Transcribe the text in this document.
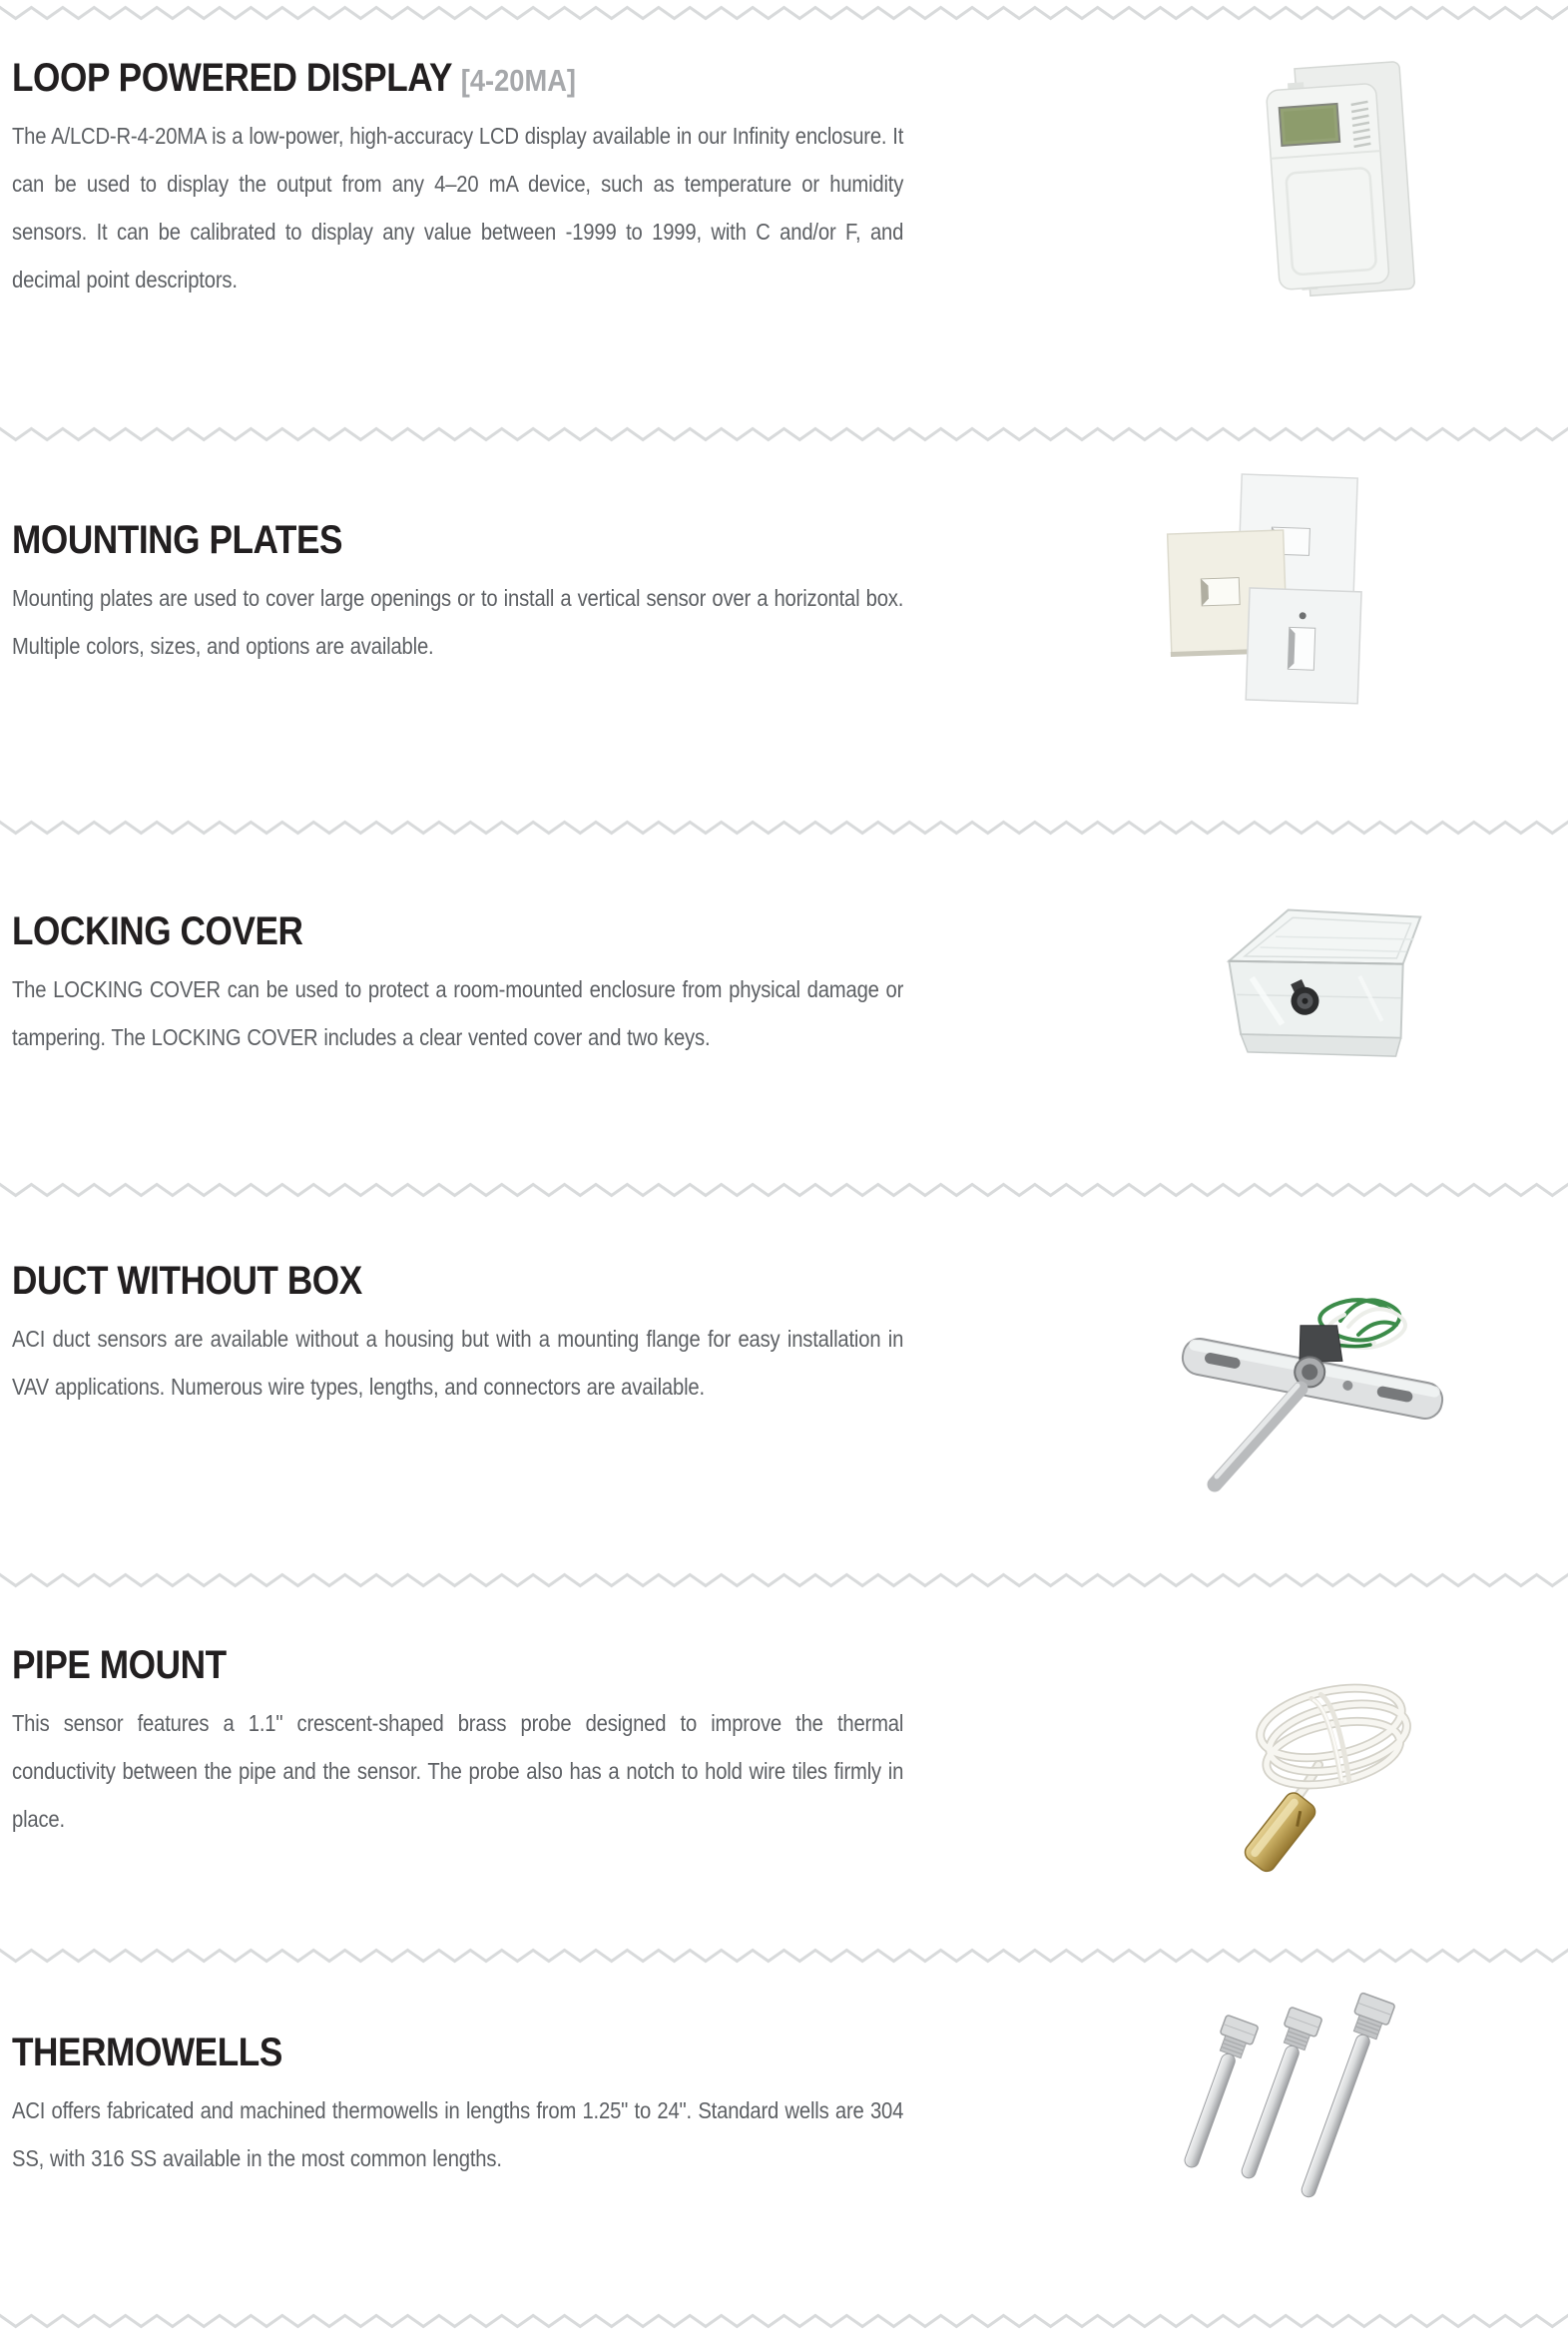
LOOP POWERED DISPLAY [4-20MA]

The A/LCD-R-4-20MA is a low-power, high-accuracy LCD display available in our Infinity enclosure. It can be used to display the output from any 4–20 mA device, such as temperature or humidity sensors. It can be calibrated to display any value between -1999 to 1999, with C and/or F, and decimal point descriptors.

MOUNTING PLATES

Mounting plates are used to cover large openings or to install a vertical sensor over a horizontal box. Multiple colors, sizes, and options are available.

LOCKING COVER

The LOCKING COVER can be used to protect a room-mounted enclosure from physical damage or tampering. The LOCKING COVER includes a clear vented cover and two keys.

DUCT WITHOUT BOX

ACI duct sensors are available without a housing but with a mounting flange for easy installation in VAV applications. Numerous wire types, lengths, and connectors are available.

PIPE MOUNT

This sensor features a 1.1" crescent-shaped brass probe designed to improve the thermal conductivity between the pipe and the sensor. The probe also has a notch to hold wire tiles firmly in place.

THERMOWELLS

ACI offers fabricated and machined thermowells in lengths from 1.25" to 24". Standard wells are 304 SS, with 316 SS available in the most common lengths.
